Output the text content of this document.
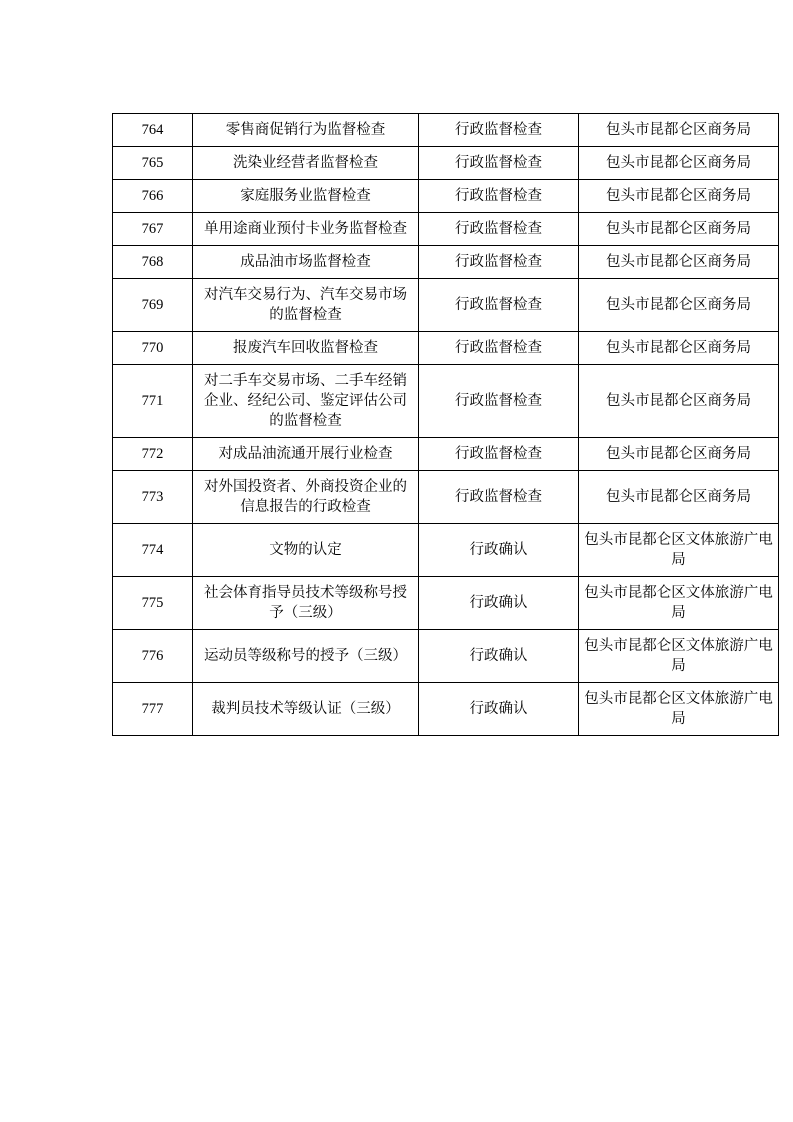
764	零售商促销行为监督检查	行政监督检查	包头市昆都仑区商务局
765	洗染业经营者监督检查	行政监督检查	包头市昆都仑区商务局
766	家庭服务业监督检查	行政监督检查	包头市昆都仑区商务局
767	单用途商业预付卡业务监督检查	行政监督检查	包头市昆都仑区商务局
768	成品油市场监督检查	行政监督检查	包头市昆都仑区商务局
769	对汽车交易行为、汽车交易市场的监督检查	行政监督检查	包头市昆都仑区商务局
770	报废汽车回收监督检查	行政监督检查	包头市昆都仑区商务局
771	对二手车交易市场、二手车经销企业、经纪公司、鉴定评估公司的监督检查	行政监督检查	包头市昆都仑区商务局
772	对成品油流通开展行业检查	行政监督检查	包头市昆都仑区商务局
773	对外国投资者、外商投资企业的信息报告的行政检查	行政监督检查	包头市昆都仑区商务局
774	文物的认定	行政确认	包头市昆都仑区文体旅游广电局
775	社会体育指导员技术等级称号授予（三级）	行政确认	包头市昆都仑区文体旅游广电局
776	运动员等级称号的授予（三级）	行政确认	包头市昆都仑区文体旅游广电局
777	裁判员技术等级认证（三级）	行政确认	包头市昆都仑区文体旅游广电局
